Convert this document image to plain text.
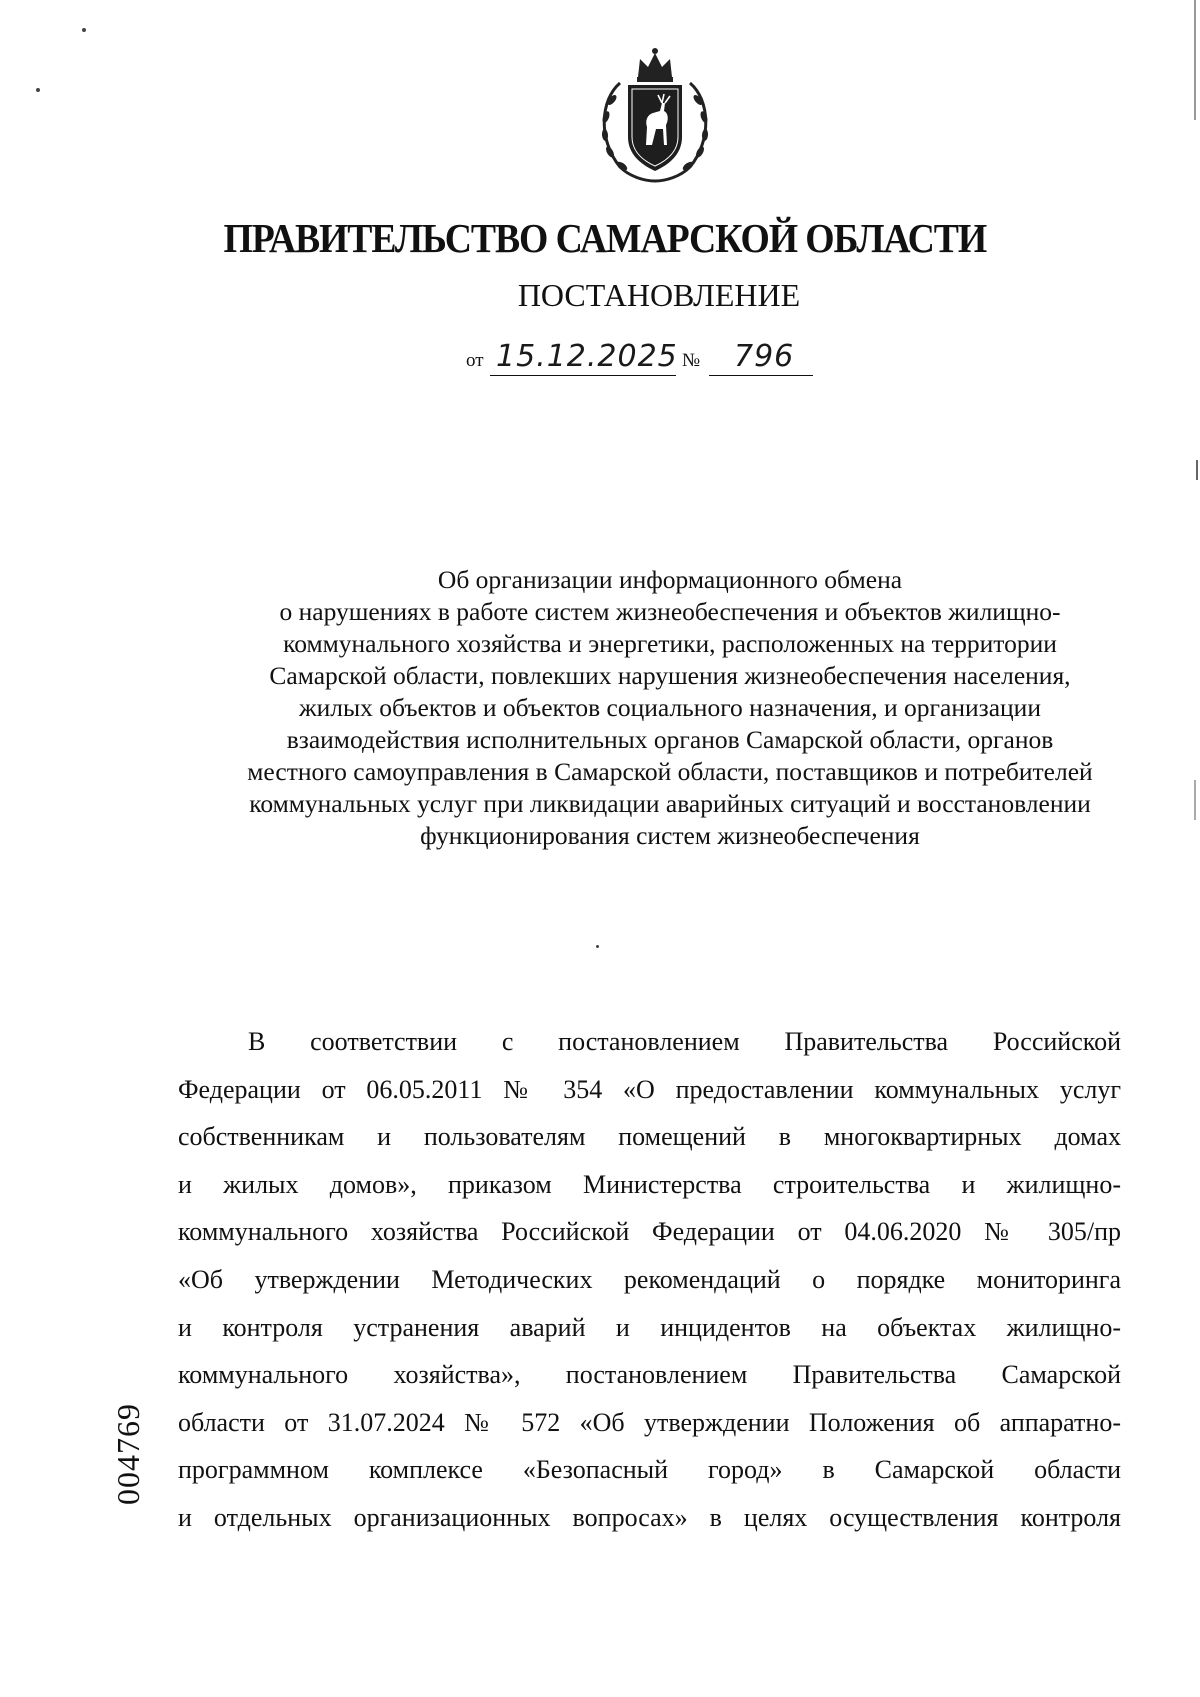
ПРАВИТЕЛЬСТВО САМАРСКОЙ ОБЛАСТИ
ПОСТАНОВЛЕНИЕ
от 15.12.2025 № 796
Об организации информационного обмена
о нарушениях в работе систем жизнеобеспечения и объектов жилищно-
коммунального хозяйства и энергетики, расположенных на территории
Самарской области, повлекших нарушения жизнеобеспечения населения,
жилых объектов и объектов социального назначения, и организации
взаимодействия исполнительных органов Самарской области, органов
местного самоуправления в Самарской области, поставщиков и потребителей
коммунальных услуг при ликвидации аварийных ситуаций и восстановлении
функционирования систем жизнеобеспечения
В соответствии с постановлением Правительства Российской
Федерации от 06.05.2011 № 354 «О предоставлении коммунальных услуг
собственникам и пользователям помещений в многоквартирных домах
и жилых домов», приказом Министерства строительства и жилищно-
коммунального хозяйства Российской Федерации от 04.06.2020 № 305/пр
«Об утверждении Методических рекомендаций о порядке мониторинга
и контроля устранения аварий и инцидентов на объектах жилищно-
коммунального хозяйства», постановлением Правительства Самарской
области от 31.07.2024 № 572 «Об утверждении Положения об аппаратно-
программном комплексе «Безопасный город» в Самарской области
и отдельных организационных вопросах» в целях осуществления контроля
004769
